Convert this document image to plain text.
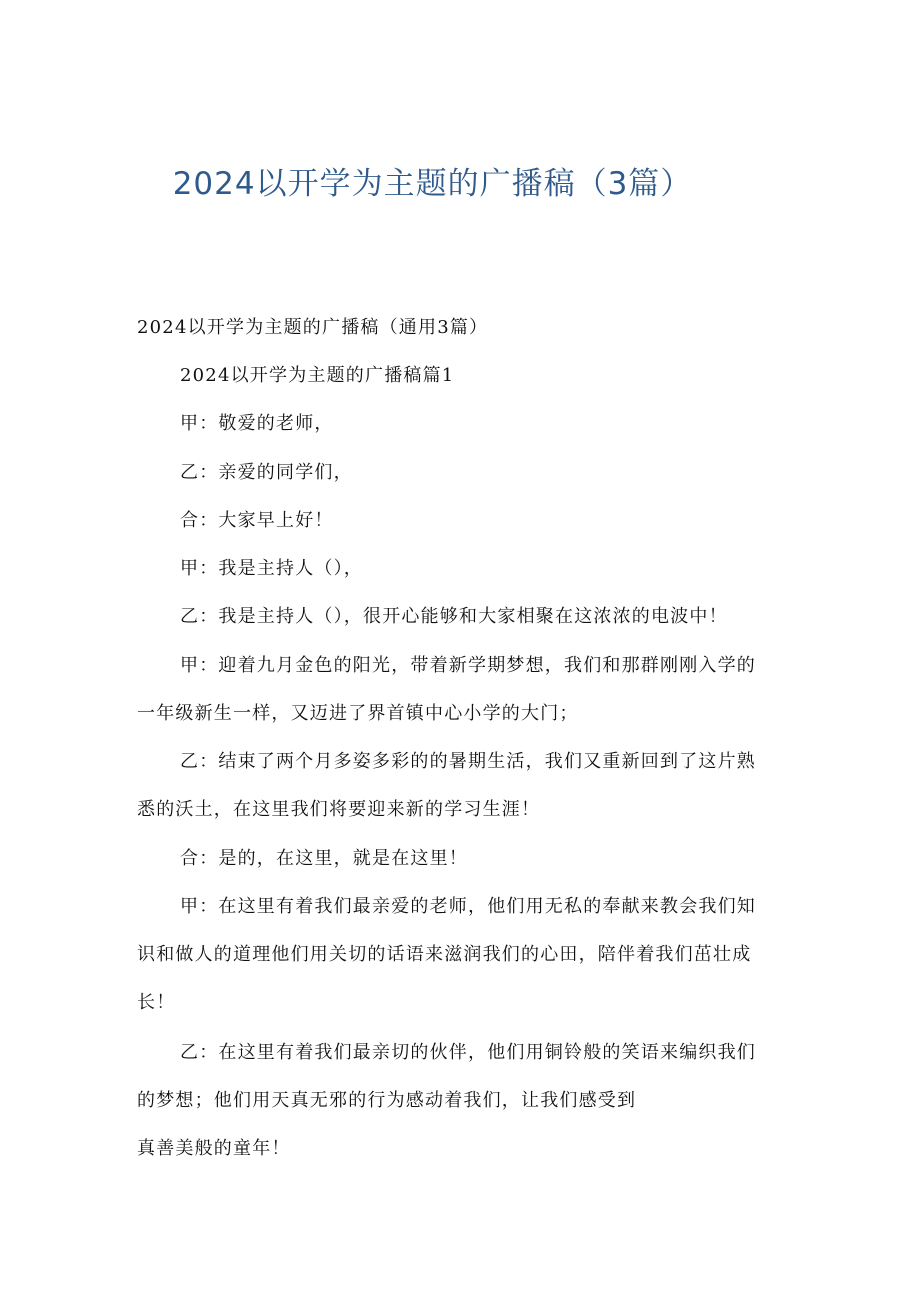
2024以开学为主题的广播稿（3篇）
2024以开学为主题的广播稿（通用3篇）
2024以开学为主题的广播稿篇1
甲：敬爱的老师，
乙：亲爱的同学们，
合：大家早上好！
甲：我是主持人（），
乙：我是主持人（），很开心能够和大家相聚在这浓浓的电波中！
甲：迎着九月金色的阳光，带着新学期梦想，我们和那群刚刚入学的
一年级新生一样，又迈进了界首镇中心小学的大门；
乙：结束了两个月多姿多彩的的暑期生活，我们又重新回到了这片熟
悉的沃土，在这里我们将要迎来新的学习生涯！
合：是的，在这里，就是在这里！
甲：在这里有着我们最亲爱的老师，他们用无私的奉献来教会我们知
识和做人的道理他们用关切的话语来滋润我们的心田，陪伴着我们茁壮成
长！
乙：在这里有着我们最亲切的伙伴，他们用铜铃般的笑语来编织我们
的梦想；他们用天真无邪的行为感动着我们，让我们感受到
真善美般的童年！
